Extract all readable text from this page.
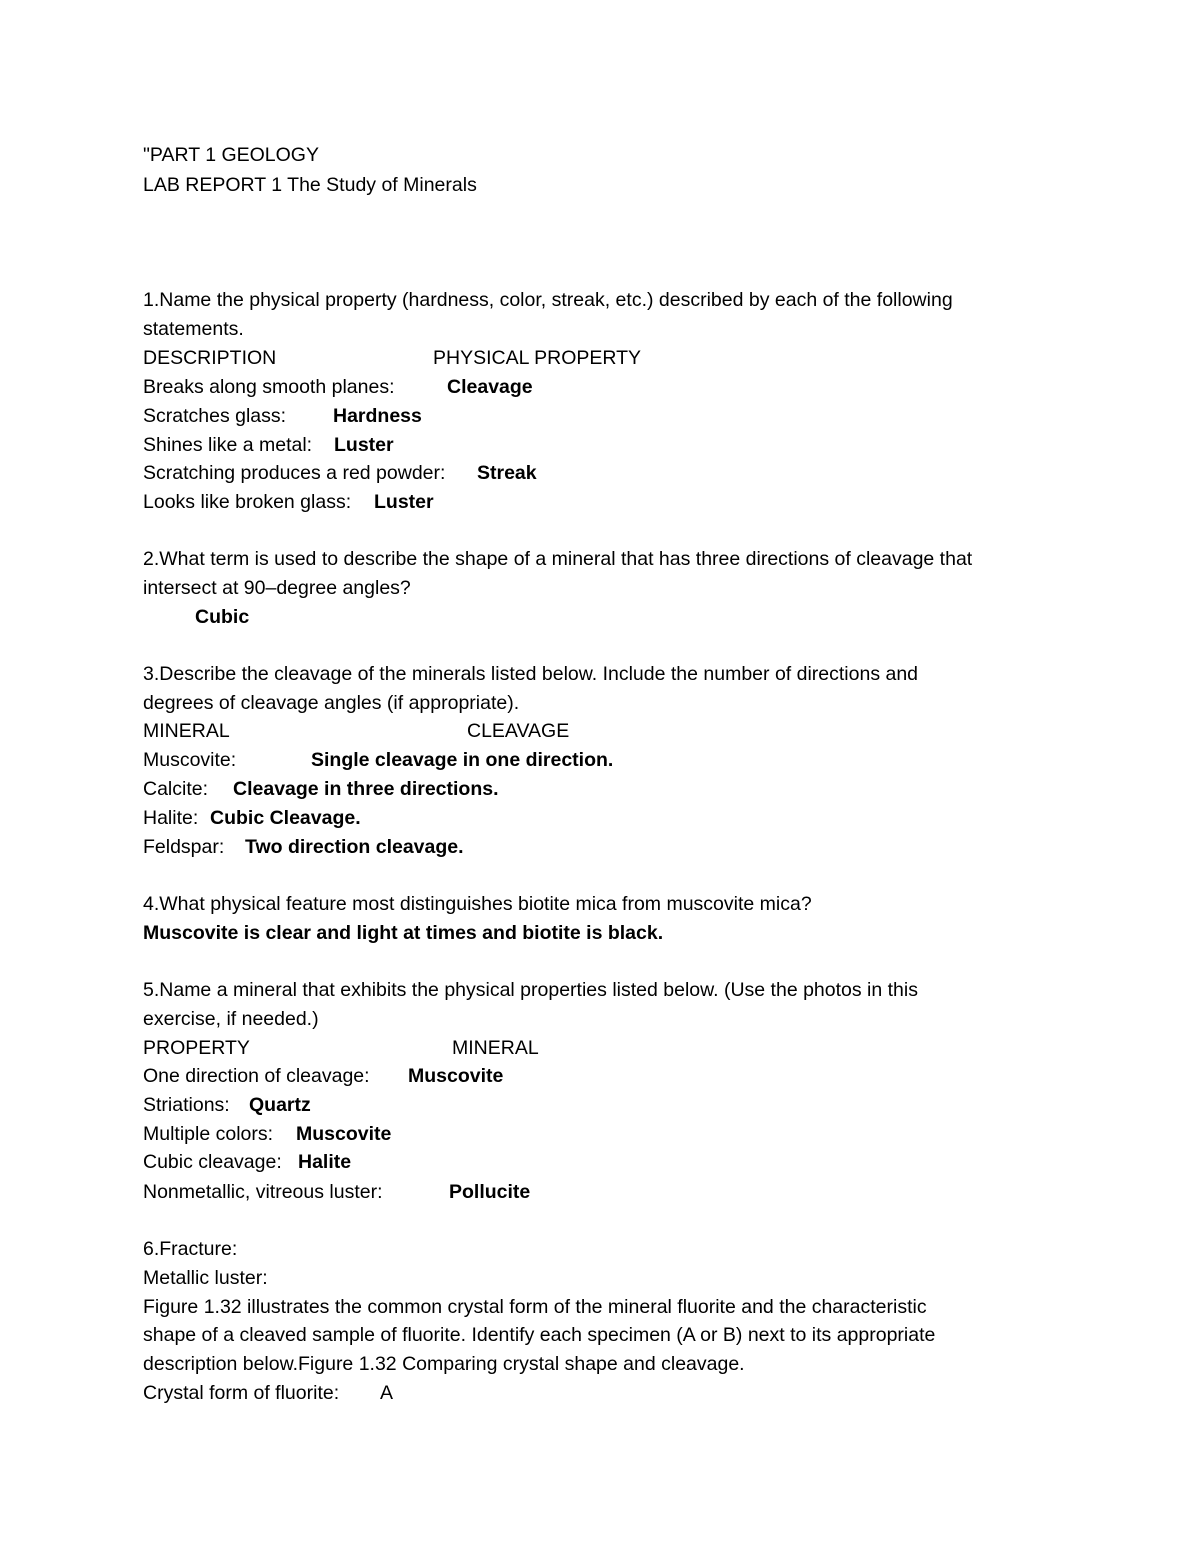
"PART 1 GEOLOGY
LAB REPORT 1 The Study of Minerals
1.Name the physical property (hardness, color, streak, etc.) described by each of the following
statements.
DESCRIPTION	PHYSICAL PROPERTY
Breaks along smooth planes:	Cleavage
Scratches glass: Hardness
Shines like a metal: Luster
Scratching produces a red powder: Streak
Looks like broken glass: Luster
2.What term is used to describe the shape of a mineral that has three directions of cleavage that
intersect at 90–degree angles?
Cubic
3.Describe the cleavage of the minerals listed below. Include the number of directions and
degrees of cleavage angles (if appropriate).
MINERAL	CLEAVAGE
Muscovite:	Single cleavage in one direction.
Calcite: Cleavage in three directions.
Halite: Cubic Cleavage.
Feldspar: Two direction cleavage.
4.What physical feature most distinguishes biotite mica from muscovite mica?
Muscovite is clear and light at times and biotite is black.
5.Name a mineral that exhibits the physical properties listed below. (Use the photos in this
exercise, if needed.)
PROPERTY	MINERAL
One direction of cleavage: Muscovite
Striations: Quartz
Multiple colors: Muscovite
Cubic cleavage: Halite
Nonmetallic, vitreous luster:	Pollucite
6.Fracture:
Metallic luster:
Figure 1.32 illustrates the common crystal form of the mineral fluorite and the characteristic
shape of a cleaved sample of fluorite. Identify each specimen (A or B) next to its appropriate
description below.Figure 1.32 Comparing crystal shape and cleavage.
Crystal form of fluorite: A
